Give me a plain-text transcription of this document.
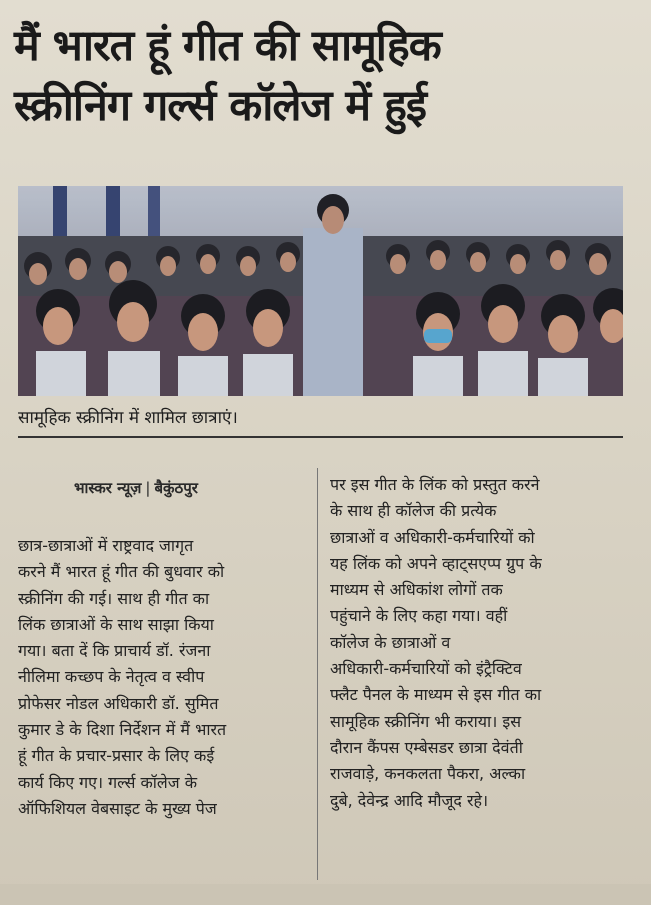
मैं भारत हूं गीत की सामूहिक
स्क्रीनिंग गर्ल्स कॉलेज में हुई
सामूहिक स्क्रीनिंग में शामिल छात्राएं।
भास्कर न्यूज़ | बैकुंठपुर
छात्र-छात्राओं में राष्ट्रवाद जागृत
करने मैं भारत हूं गीत की बुधवार को
स्क्रीनिंग की गई। साथ ही गीत का
लिंक छात्राओं के साथ साझा किया
गया। बता दें कि प्राचार्य डॉ. रंजना
नीलिमा कच्छप के नेतृत्व व स्वीप
प्रोफेसर नोडल अधिकारी डॉ. सुमित
कुमार डे के दिशा निर्देशन में मैं भारत
हूं गीत के प्रचार-प्रसार के लिए कई
कार्य किए गए। गर्ल्स कॉलेज के
ऑफिशियल वेबसाइट के मुख्य पेज
पर इस गीत के लिंक को प्रस्तुत करने
के साथ ही कॉलेज की प्रत्येक
छात्राओं व अधिकारी-कर्मचारियों को
यह लिंक को अपने व्हाट्सएप्प ग्रुप के
माध्यम से अधिकांश लोगों तक
पहुंचाने के लिए कहा गया। वहीं
कॉलेज के छात्राओं व
अधिकारी-कर्मचारियों को इंट्रैक्टिव
फ्लैट पैनल के माध्यम से इस गीत का
सामूहिक स्क्रीनिंग भी कराया। इस
दौरान कैंपस एम्बेसडर छात्रा देवंती
राजवाड़े, कनकलता पैकरा, अल्का
दुबे, देवेन्द्र आदि मौजूद रहे।
